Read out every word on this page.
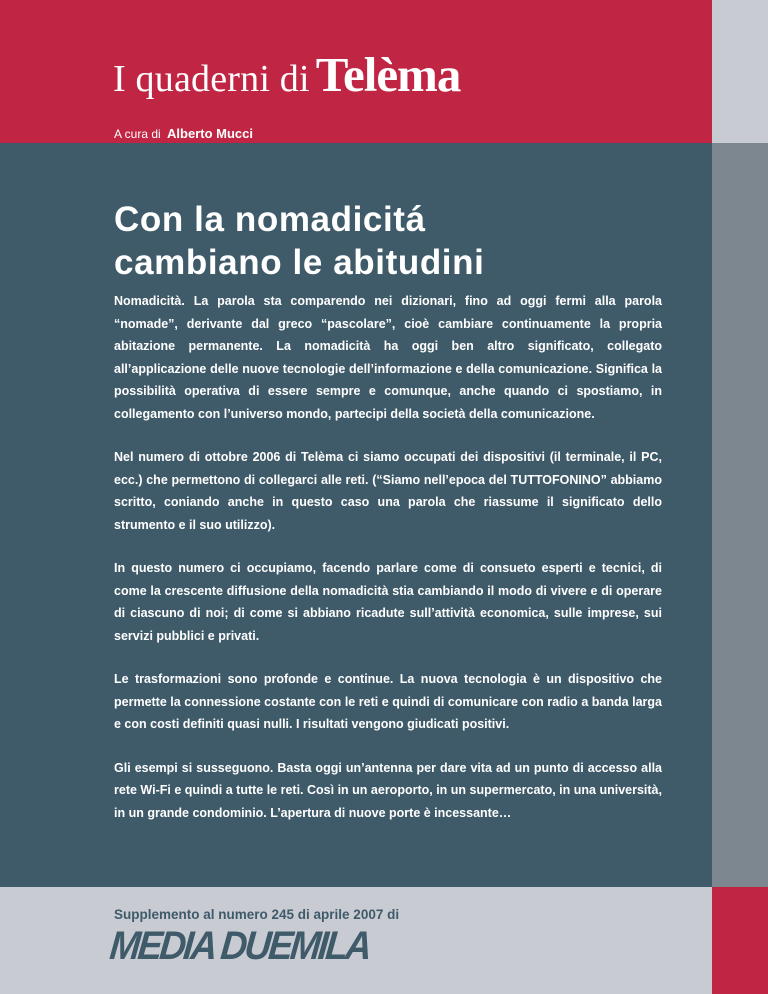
I quaderni di Telèma
A cura di Alberto Mucci
Con la nomadicitá
cambiano le abitudini

Nomadicità. La parola sta comparendo nei dizionari, fino ad oggi fermi alla parola “nomade”, derivante dal greco “pascolare”, cioè cambiare continuamente la propria abitazione permanente. La nomadicità ha oggi ben altro significato, collegato all’applicazione delle nuove tecnologie dell’informazione e della comunicazione. Significa la possibilità operativa di essere sempre e comunque, anche quando ci spostiamo, in collegamento con l’universo mondo, partecipi della società della comunicazione.

Nel numero di ottobre 2006 di Telèma ci siamo occupati dei dispositivi (il terminale, il PC, ecc.) che permettono di collegarci alle reti. (“Siamo nell’epoca del TUTTOFONINO” abbiamo scritto, coniando anche in questo caso una parola che riassume il significato dello strumento e il suo utilizzo).

In questo numero ci occupiamo, facendo parlare come di consueto esperti e tecnici, di come la crescente diffusione della nomadicità stia cambiando il modo di vivere e di operare di ciascuno di noi; di come si abbiano ricadute sull’attività economica, sulle imprese, sui servizi pubblici e privati.

Le trasformazioni sono profonde e continue. La nuova tecnologia è un dispositivo che permette la connessione costante con le reti e quindi di comunicare con radio a banda larga e con costi definiti quasi nulli. I risultati vengono giudicati positivi.

Gli esempi si susseguono. Basta oggi un’antenna per dare vita ad un punto di accesso alla rete Wi-Fi e quindi a tutte le reti. Così in un aeroporto, in un supermercato, in una università, in un grande condominio. L’apertura di nuove porte è incessante…

Supplemento al numero 245 di aprile 2007 di
MEDIA DUEMILA
